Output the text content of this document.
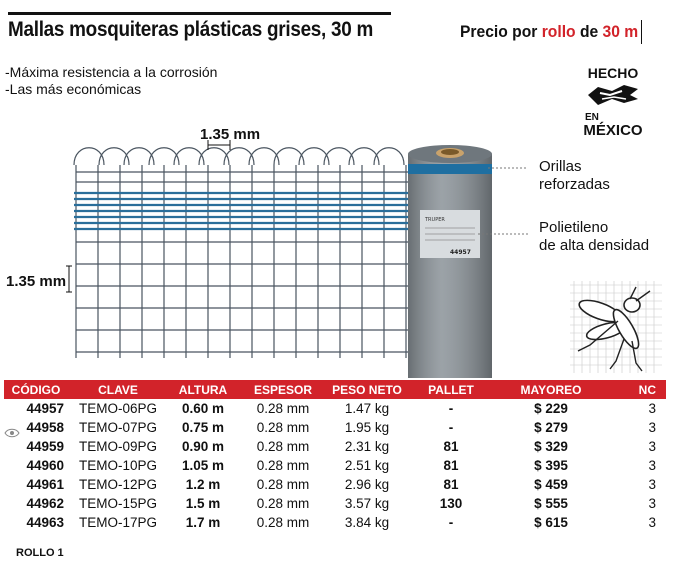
Mallas mosquiteras plásticas grises, 30 m	Precio por rollo de 30 m
-Máxima resistencia a la corrosión
-Las más económicas
HECHO
EN
MÉXICO
TRUPER
44957
1.35 mm
1.35 mm
Orillas
reforzadas
Polietileno
de alta densidad
CÓDIGO	CLAVE	ALTURA	ESPESOR	PESO NETO	PALLET	MAYOREO	NC
44957	TEMO-06PG	0.60 m	0.28 mm	1.47 kg	-	$ 229	3
44958	TEMO-07PG	0.75 m	0.28 mm	1.95 kg	-	$ 279	3
44959	TEMO-09PG	0.90 m	0.28 mm	2.31 kg	81	$ 329	3
44960	TEMO-10PG	1.05 m	0.28 mm	2.51 kg	81	$ 395	3
44961	TEMO-12PG	1.2 m	0.28 mm	2.96 kg	81	$ 459	3
44962	TEMO-15PG	1.5 m	0.28 mm	3.57 kg	130	$ 555	3
44963	TEMO-17PG	1.7 m	0.28 mm	3.84 kg	-	$ 615	3
ROLLO 1
